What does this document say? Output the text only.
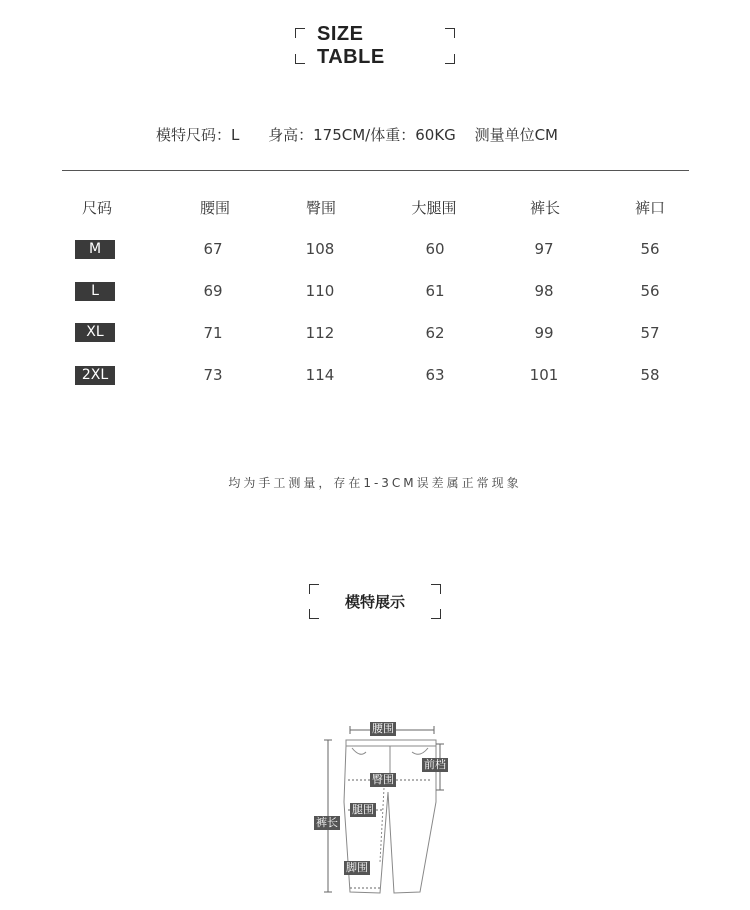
SIZE TABLE
模特尺码：L 身高：175CM/体重：60KG 测量单位CM
尺码	腰围	臀围	大腿围	裤长	裤口
M	67	108	60	97	56
L	69	110	61	98	56
XL	71	112	62	99	57
2XL	73	114	63	101	58
均为手工测量，存在1-3CM误差属正常现象
模特展示
腰围
前档
臀围
腿围
裤长
脚围
